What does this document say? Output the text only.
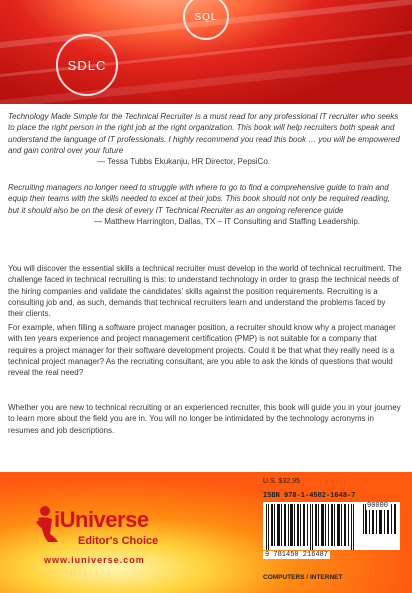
SDLC
SQL
Technology Made Simple for the Technical Recruiter is a must read for any professional IT recruiter who seeks to place the right person in the right job at the right organization. This book will help recruiters both speak and understand the language of IT professionals. I highly recommend you read this book … you will be empowered and gain control over your future
— Tessa Tubbs Ekukanju, HR Director, PepsiCo.
Recruiting managers no longer need to struggle with where to go to find a comprehensive guide to train and equip their teams with the skills needed to excel at their jobs. This book should not only be required reading, but it should also be on the desk of every IT Technical Recruiter as an ongoing reference guide
— Matthew Harrington, Dallas, TX – IT Consulting and Staffing Leadership.
You will discover the essential skills a technical recruiter must develop in the world of technical recruitment. The challenge faced in technical recruiting is this: to understand technology in order to grasp the technical needs of the hiring companies and validate the candidates' skills against the position requirements. Recruiting is a consulting job and, as such, demands that technical recruiters learn and understand the problems faced by their clients.
For example, when filling a software project manager position, a recruiter should know why a project manager with ten years experience and project management certification (PMP) is not suitable for a company that requires a project manager for their software development projects. Could it be that what they really need is a technical project manager? As the recruiting consultant, are you able to ask the kinds of questions that would reveal the real need?
Whether you are new to technical recruiting or an experienced recruiter, this book will guide you in your journey to learn more about the field you are in. You will no longer be intimidated by the technology acronyms in resumes and job descriptions.
iUniverse
Editor's Choice
www.iuniverse.com
U.S. $32.95
ISBN 978-1-4502-1648-7
90000
9 781450 216487
COMPUTERS / INTERNET
